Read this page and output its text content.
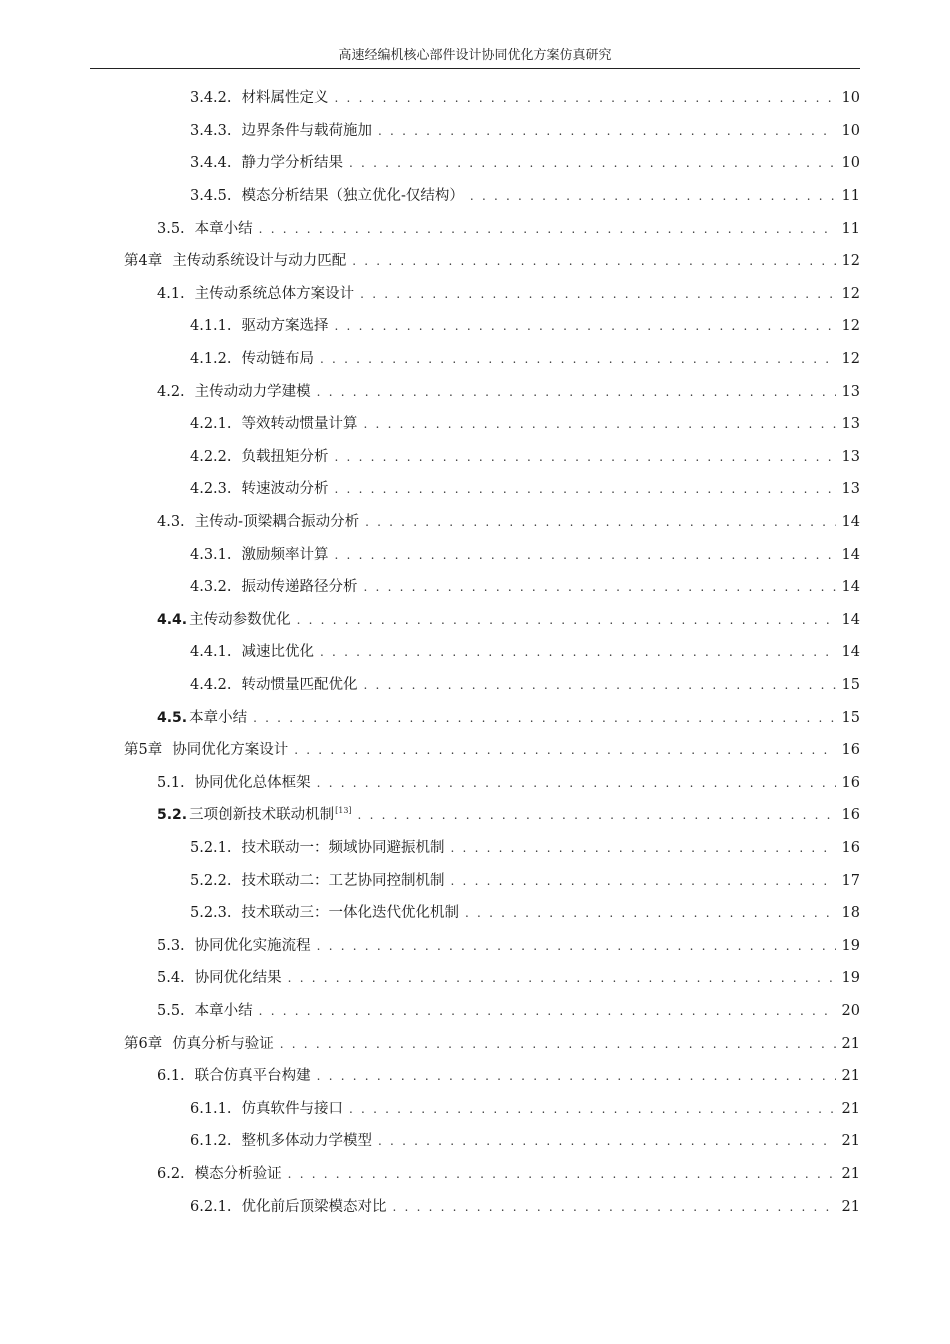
高速经编机核心部件设计协同优化方案仿真研究
3.4.2. 材料属性定义 . . .	10
3.4.3. 边界条件与载荷施加 . . .	10
3.4.4. 静力学分析结果 . . .	10
3.4.5. 模态分析结果（独立优化-仅结构） . . .	11
3.5. 本章小结 . . .	11
第4章 主传动系统设计与动力匹配 . . .	12
4.1. 主传动系统总体方案设计 . . .	12
4.1.1. 驱动方案选择 . . .	12
4.1.2. 传动链布局 . . .	12
4.2. 主传动动力学建模 . . .	13
4.2.1. 等效转动惯量计算 . . .	13
4.2.2. 负载扭矩分析 . . .	13
4.2.3. 转速波动分析 . . .	13
4.3. 主传动-顶梁耦合振动分析 . . .	14
4.3.1. 激励频率计算 . . .	14
4.3.2. 振动传递路径分析 . . .	14
4.4. 主传动参数优化 . . .	14
4.4.1. 减速比优化 . . .	14
4.4.2. 转动惯量匹配优化 . . .	15
4.5. 本章小结 . . .	15
第5章 协同优化方案设计 . . .	16
5.1. 协同优化总体框架 . . .	16
5.2. 三项创新技术联动机制[13] . . .	16
5.2.1. 技术联动一：频域协同避振机制 . . .	16
5.2.2. 技术联动二：工艺协同控制机制 . . .	17
5.2.3. 技术联动三：一体化迭代优化机制 . . .	18
5.3. 协同优化实施流程 . . .	19
5.4. 协同优化结果 . . .	19
5.5. 本章小结 . . .	20
第6章 仿真分析与验证 . . .	21
6.1. 联合仿真平台构建 . . .	21
6.1.1. 仿真软件与接口 . . .	21
6.1.2. 整机多体动力学模型 . . .	21
6.2. 模态分析验证 . . .	21
6.2.1. 优化前后顶梁模态对比 . . .	21
